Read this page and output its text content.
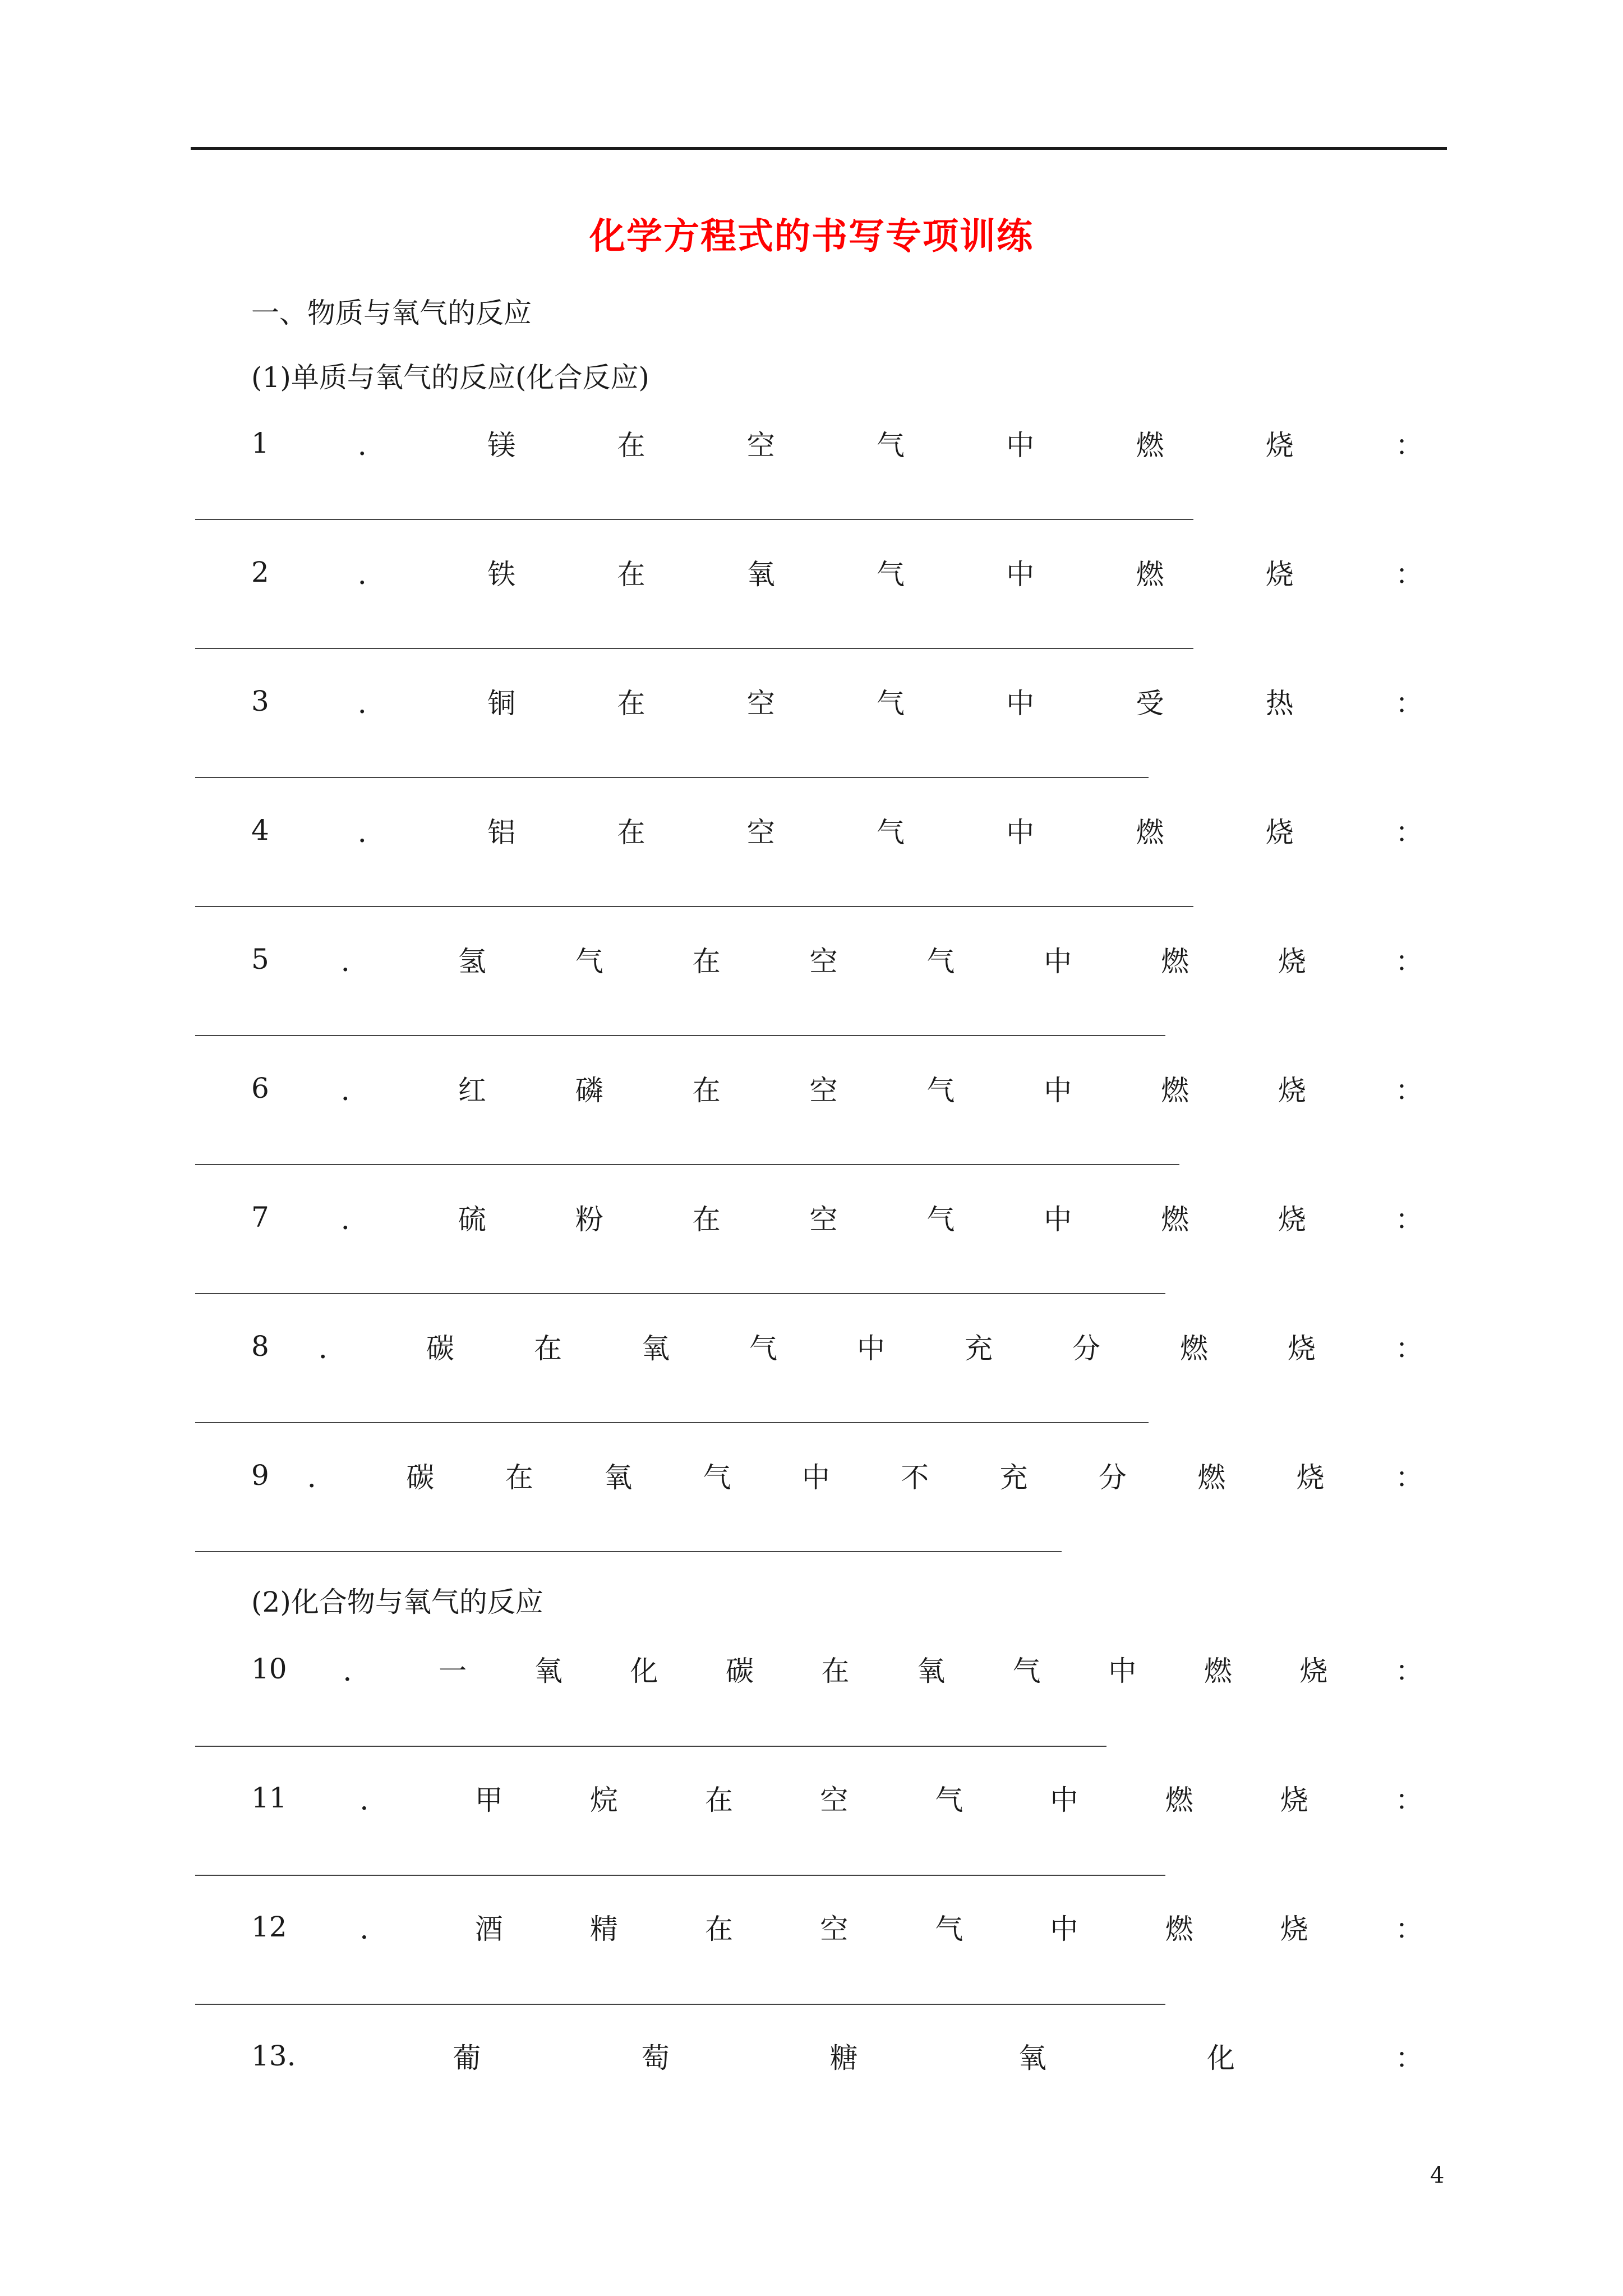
化学方程式的书写专项训练
一、物质与氧气的反应
(1)单质与氧气的反应(化合反应)
1	．	镁	在	空	气	中	燃	烧	：
2	．	铁	在	氧	气	中	燃	烧	：
3	．	铜	在	空	气	中	受	热	：
4	．	铝	在	空	气	中	燃	烧	：
5	．	氢	气	在	空	气	中	燃	烧	：
6	．	红	磷	在	空	气	中	燃	烧	：
7	．	硫	粉	在	空	气	中	燃	烧	：
8 ．	碳	在	氧	气	中	充	分	燃	烧	：
9 ．	碳	在	氧	气	中	不	充	分	燃	烧	：
(2)化合物与氧气的反应
10 ． 一 氧 化 碳 在 氧 气 中 燃 烧 ：
11	．	甲	烷	在	空	气	中	燃	烧	：
12	．	酒	精	在	空	气	中	燃	烧	：
13.	葡	萄	糖	氧	化	：
4
